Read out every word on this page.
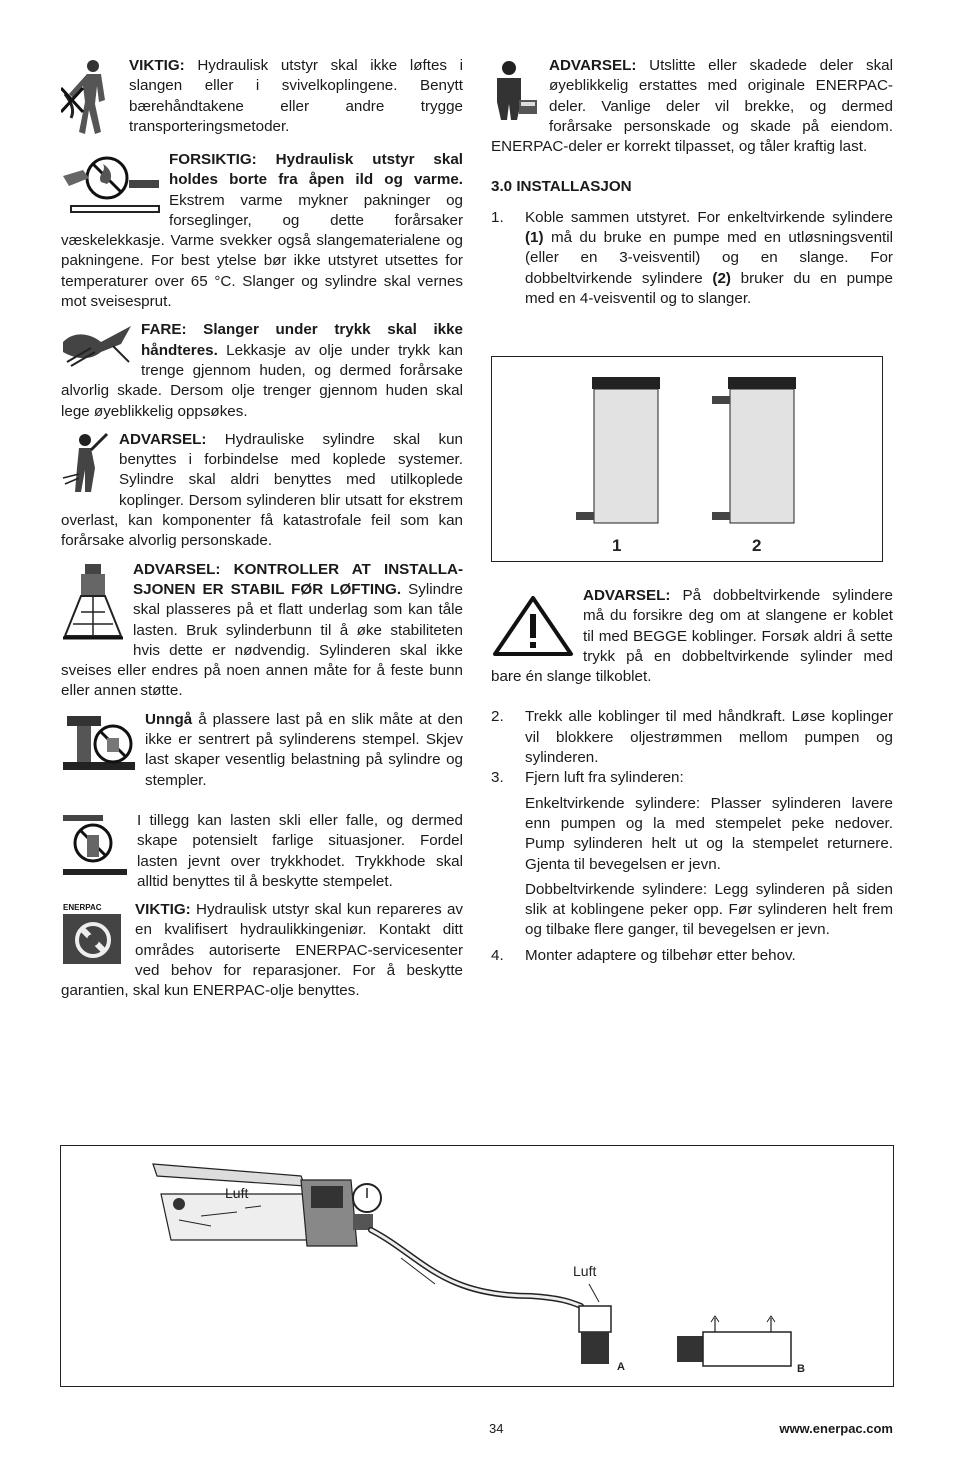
VIKTIG: Hydraulisk utstyr skal ikke løftes i slangen eller i svivelkoplingene. Benytt bærehåndtakene eller andre trygge transporteringsmetoder.

FORSIKTIG: Hydraulisk utstyr skal holdes borte fra åpen ild og varme. Ekstrem varme mykner pakninger og forseglinger, og dette forårsaker væskelekkasje. Varme svekker også slangematerialene og pakningene. For best ytelse bør ikke utstyret utsettes for temperaturer over 65 °C. Slanger og sylindre skal vernes mot sveisesprut.

FARE: Slanger under trykk skal ikke håndteres. Lekkasje av olje under trykk kan trenge gjennom huden, og dermed forårsake alvorlig skade. Dersom olje trenger gjennom huden skal lege øyeblikkelig oppsøkes.

ADVARSEL: Hydrauliske sylindre skal kun benyttes i forbindelse med koplede systemer. Sylindre skal aldri benyttes med utilkoplede koplinger. Dersom sylinderen blir utsatt for ekstrem overlast, kan komponenter få katastrofale feil som kan forårsake alvorlig personskade.

ADVARSEL: KONTROLLER AT INSTALLA-SJONEN ER STABIL FØR LØFTING. Sylindre skal plasseres på et flatt underlag som kan tåle lasten. Bruk sylinderbunn til å øke stabiliteten hvis dette er nødvendig. Sylinderen skal ikke sveises eller endres på noen annen måte for å feste bunn eller annen støtte.

Unngå å plassere last på en slik måte at den ikke er sentrert på sylinderens stempel. Skjev last skaper vesentlig belastning på sylindre og stempler.

I tillegg kan lasten skli eller falle, og dermed skape potensielt farlige situasjoner. Fordel lasten jevnt over trykkhodet. Trykkhode skal alltid benyttes til å beskytte stempelet.

ENERPAC	VIKTIG: Hydraulisk utstyr skal kun repareres av en kvalifisert hydraulikkingeniør. Kontakt ditt områdes autoriserte ENERPAC-servicesenter ved behov for reparasjoner. For å beskytte garantien, skal kun ENERPAC-olje benyttes.

ADVARSEL: Utslitte eller skadede deler skal øyeblikkelig erstattes med originale ENERPAC-deler. Vanlige deler vil brekke, og dermed forårsake personskade og skade på eiendom. ENERPAC-deler er korrekt tilpasset, og tåler kraftig last.

3.0 INSTALLASJON
1. Koble sammen utstyret. For enkeltvirkende sylindere (1) må du bruke en pumpe med en utløsningsventil (eller en 3-veisventil) og en slange. For dobbeltvirkende sylindere (2) bruker du en pumpe med en 4-veisventil og to slanger.
1	2

ADVARSEL: På dobbeltvirkende sylindere må du forsikre deg om at slangene er koblet til med BEGGE koblinger. Forsøk aldri å sette trykk på en dobbeltvirkende sylinder med bare én slange tilkoblet.

2. Trekk alle koblinger til med håndkraft. Løse koplinger vil blokkere oljestrømmen mellom pumpen og sylinderen.
3. Fjern luft fra sylinderen:

Enkeltvirkende sylindere: Plasser sylinderen lavere enn pumpen og la med stempelet peke nedover. Pump sylinderen helt ut og la stempelet returnere. Gjenta til bevegelsen er jevn.

Dobbeltvirkende sylindere: Legg sylinderen på siden slik at koblingene peker opp. Før sylinderen helt frem og tilbake flere ganger, til bevegelsen er jevn.

4. Monter adaptere og tilbehør etter behov.
Luft
Luft
A	B
34	www.enerpac.com
